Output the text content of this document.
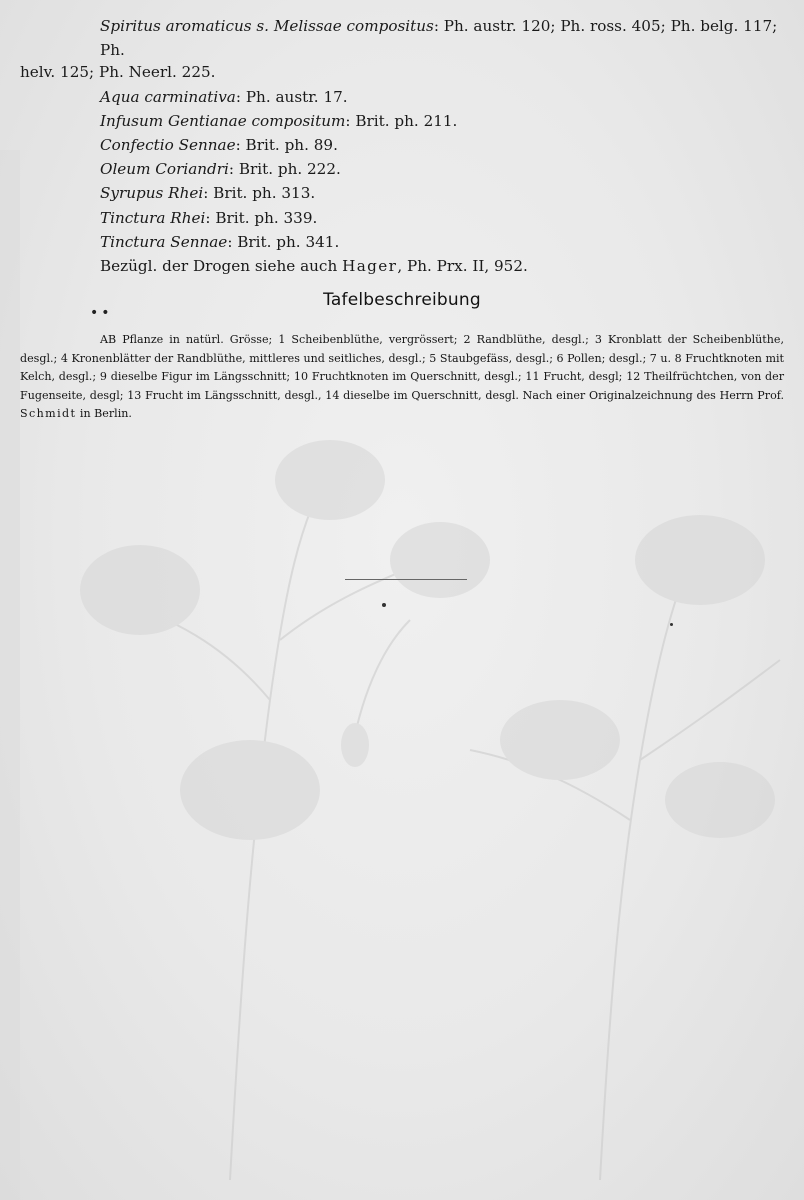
Spiritus aromaticus s. Melissae compositus: Ph. austr. 120; Ph. ross. 405; Ph. belg. 117; Ph.
helv. 125; Ph. Neerl. 225.
Aqua carminativa: Ph. austr. 17.
Infusum Gentianae compositum: Brit. ph. 211.
Confectio Sennae: Brit. ph. 89.
Oleum Coriandri: Brit. ph. 222.
Syrupus Rhei: Brit. ph. 313.
Tinctura Rhei: Brit. ph. 339.
Tinctura Sennae: Brit. ph. 341.
Bezügl. der Drogen siehe auch Hager, Ph. Prx. II, 952.
••
Tafelbeschreibung
AB Pflanze in natürl. Grösse; 1 Scheibenblüthe, vergrössert; 2 Randblüthe, desgl.; 3 Kronblatt der Scheibenblüthe, desgl.; 4 Kronenblätter der Randblüthe, mittleres und seitliches, desgl.; 5 Staubgefäss, desgl.; 6 Pollen; desgl.; 7 u. 8 Fruchtknoten mit Kelch, desgl.; 9 dieselbe Figur im Längsschnitt; 10 Fruchtknoten im Querschnitt, desgl.; 11 Frucht, desgl; 12 Theilfrüchtchen, von der Fugenseite, desgl; 13 Frucht im Längsschnitt, desgl., 14 dieselbe im Querschnitt, desgl. Nach einer Originalzeichnung des Herrn Prof. Schmidt in Berlin.
